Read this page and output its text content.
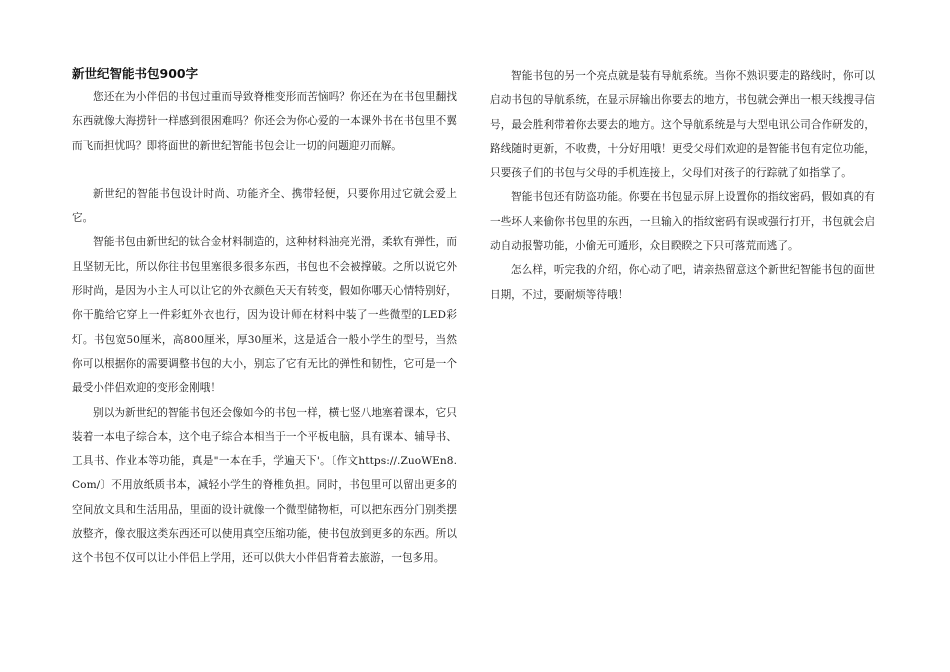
新世纪智能书包900字

您还在为小伴侣的书包过重而导致脊椎变形而苦恼吗？你还在为在书包里翻找东西就像大海捞针一样感到很困难吗？你还会为你心爱的一本课外书在书包里不翼而飞而担忧吗？即将面世的新世纪智能书包会让一切的问题迎刃而解。

新世纪的智能书包设计时尚、功能齐全、携带轻便，只要你用过它就会爱上它。

智能书包由新世纪的钛合金材料制造的，这种材料油亮光滑，柔软有弹性，而且坚韧无比，所以你往书包里塞很多很多东西，书包也不会被撑破。之所以说它外形时尚，是因为小主人可以让它的外衣颜色天天有转变，假如你哪天心情特别好，你干脆给它穿上一件彩虹外衣也行，因为设计师在材料中装了一些微型的LED彩灯。书包宽50厘米，高800厘米，厚30厘米，这是适合一般小学生的型号，当然你可以根据你的需要调整书包的大小，别忘了它有无比的弹性和韧性，它可是一个最受小伴侣欢迎的变形金刚哦！

别以为新世纪的智能书包还会像如今的书包一样，横七竖八地塞着课本，它只装着一本电子综合本，这个电子综合本相当于一个平板电脑，具有课本、辅导书、工具书、作业本等功能，真是"一本在手，学遍天下'。〔作文https://.ZuoWEn8.Com/〕不用放纸质书本，减轻小学生的脊椎负担。同时，书包里可以留出更多的空间放文具和生活用品，里面的设计就像一个微型储物柜，可以把东西分门别类摆放整齐，像衣服这类东西还可以使用真空压缩功能，使书包放到更多的东西。所以这个书包不仅可以让小伴侣上学用，还可以供大小伴侣背着去旅游，一包多用。

智能书包的另一个亮点就是装有导航系统。当你不熟识要走的路线时，你可以启动书包的导航系统，在显示屏输出你要去的地方，书包就会弹出一根天线搜寻信号，最会胜利带着你去要去的地方。这个导航系统是与大型电讯公司合作研发的，路线随时更新，不收费，十分好用哦！更受父母们欢迎的是智能书包有定位功能，只要孩子们的书包与父母的手机连接上，父母们对孩子的行踪就了如指掌了。

智能书包还有防盗功能。你要在书包显示屏上设置你的指纹密码，假如真的有一些坏人来偷你书包里的东西，一旦输入的指纹密码有误或强行打开，书包就会启动自动报警功能，小偷无可遁形，众目睽睽之下只可落荒而逃了。

怎么样，听完我的介绍，你心动了吧，请亲热留意这个新世纪智能书包的面世日期，不过，要耐烦等待哦！
